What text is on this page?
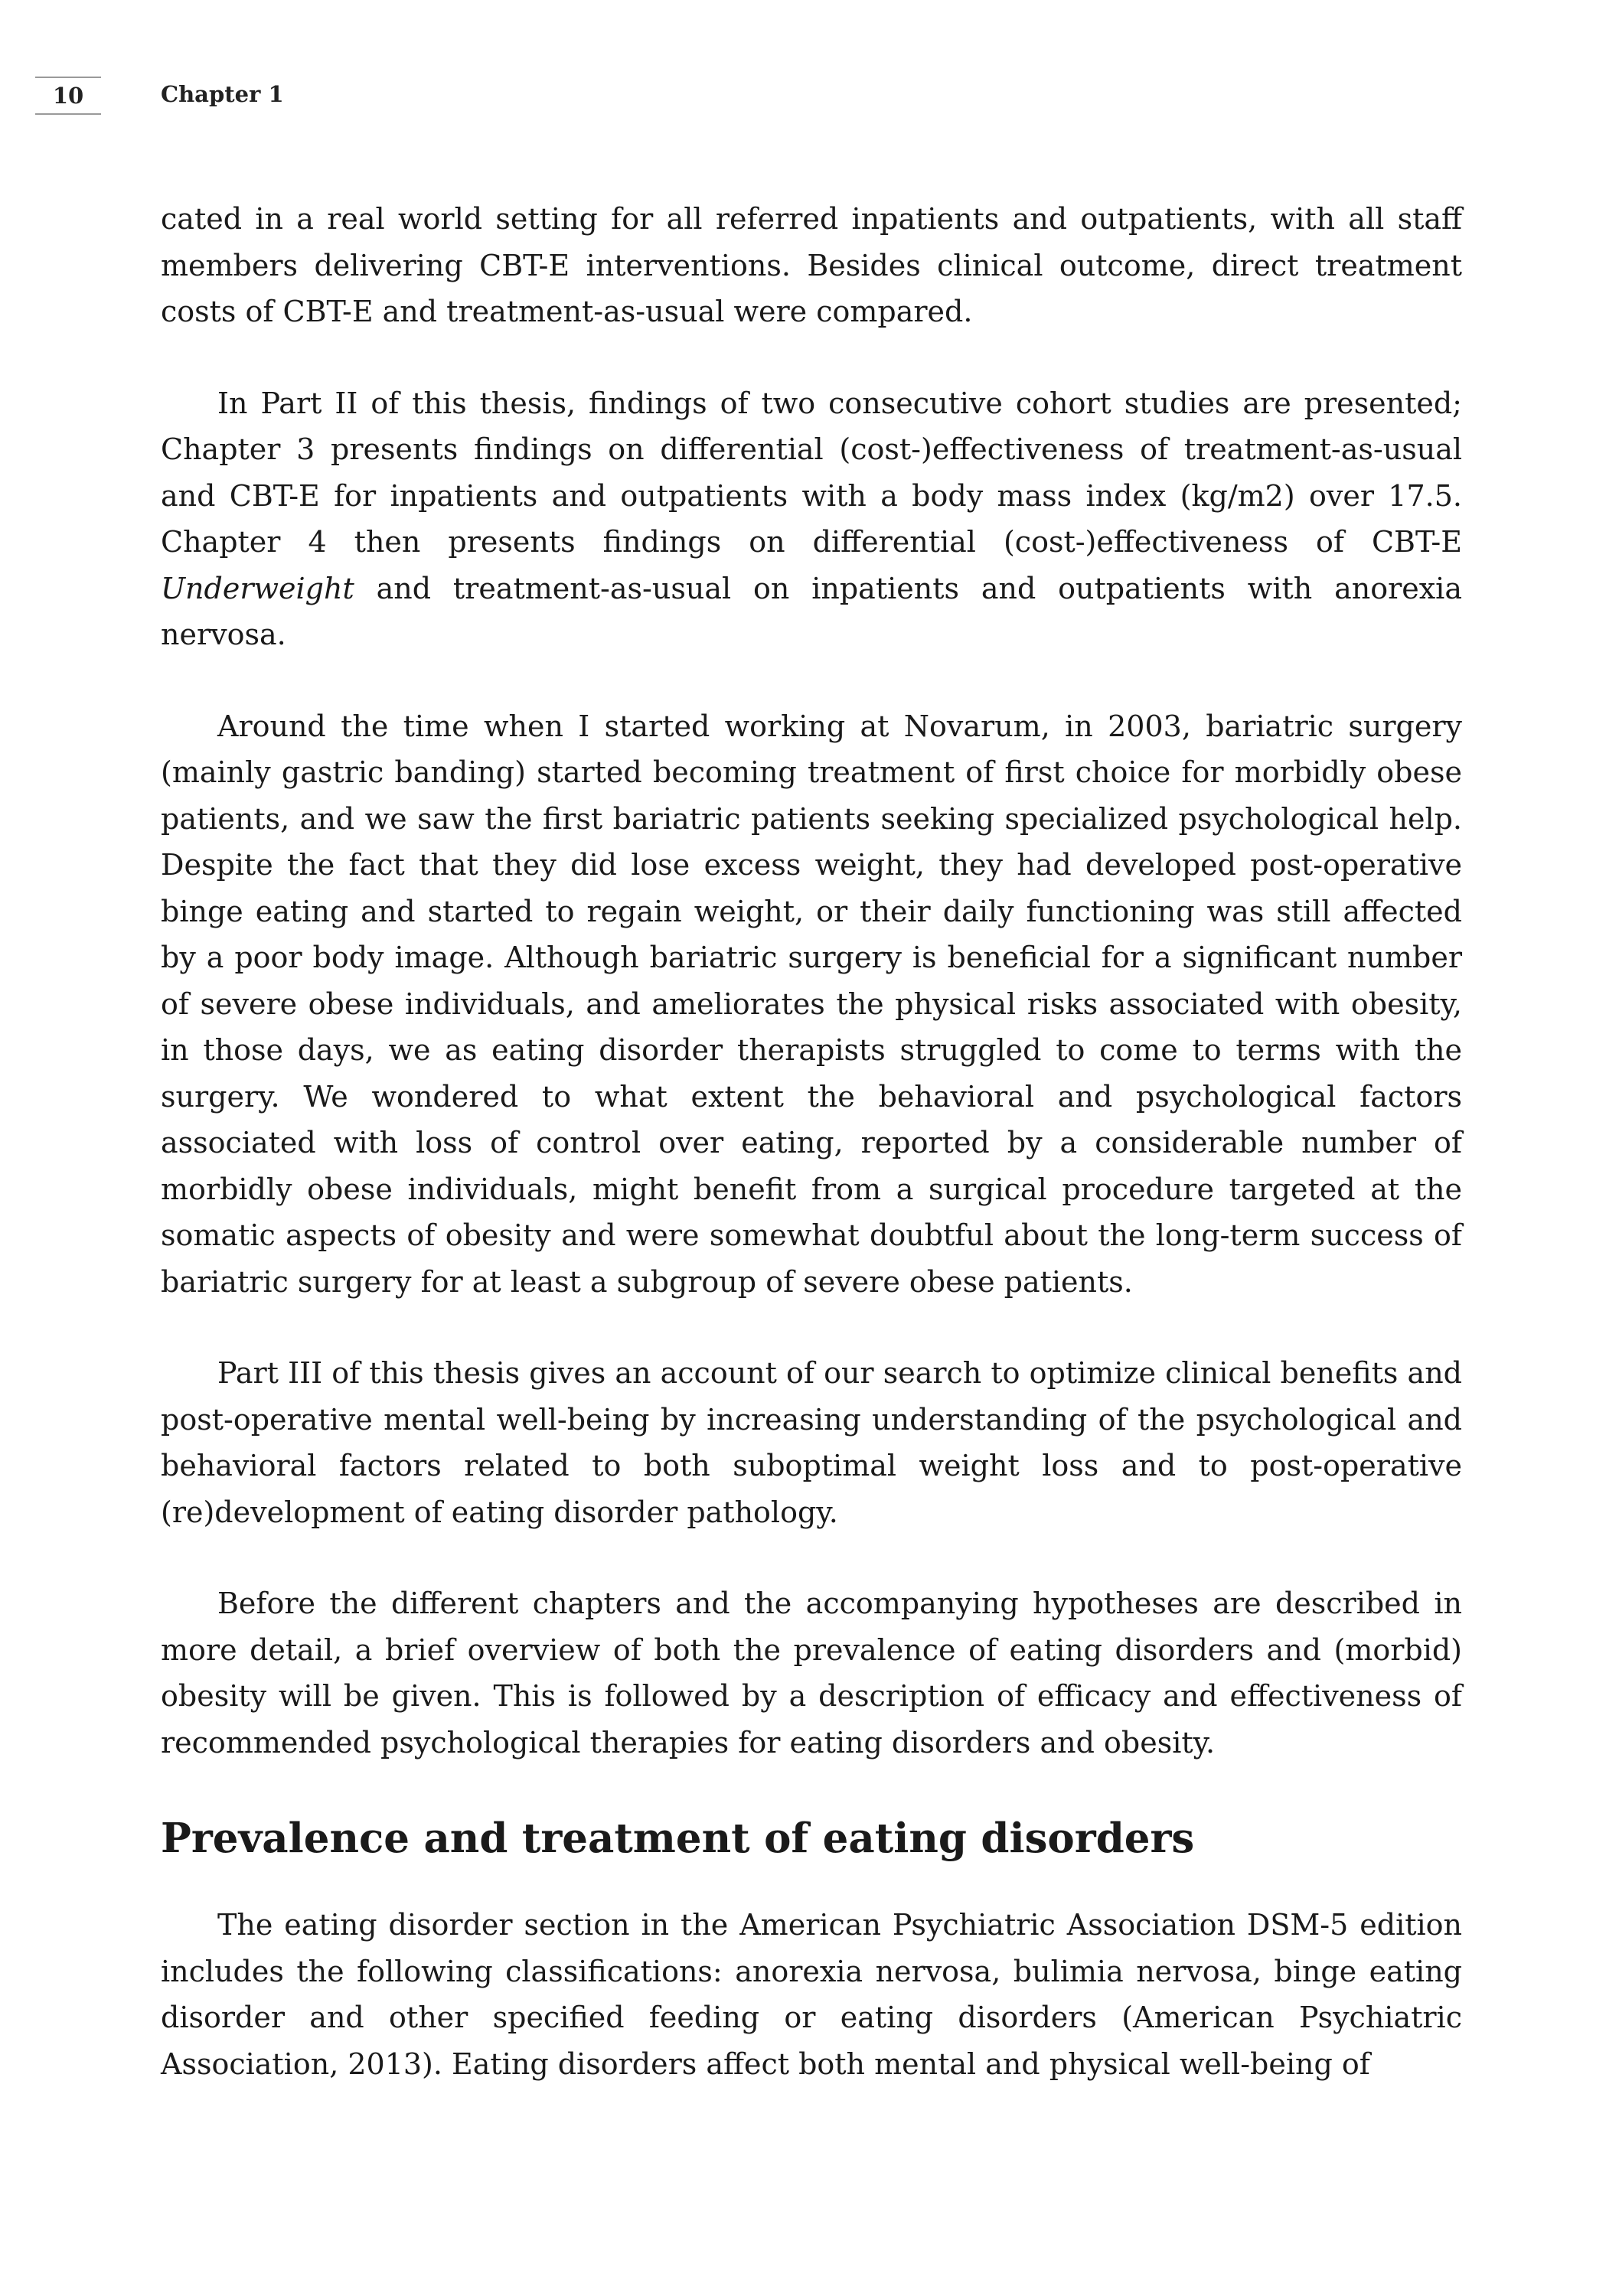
10	Chapter 1

cated in a real world setting for all referred inpatients and outpatients, with all staff members delivering CBT-E interventions. Besides clinical outcome, direct treatment costs of CBT-E and treatment-as-usual were compared.

In Part II of this thesis, findings of two consecutive cohort studies are presented; Chapter 3 presents findings on differential (cost-)effectiveness of treatment-as-usual and CBT-E for inpatients and outpatients with a body mass index (kg/m2) over 17.5. Chapter 4 then presents findings on differential (cost-)effectiveness of CBT-E Underweight and treatment-as-usual on inpatients and outpatients with anorexia nervosa.

Around the time when I started working at Novarum, in 2003, bariatric surgery (mainly gastric banding) started becoming treatment of first choice for morbidly obese patients, and we saw the first bariatric patients seeking specialized psychological help. Despite the fact that they did lose excess weight, they had developed post-operative binge eating and started to regain weight, or their daily functioning was still affected by a poor body image. Although bariatric surgery is beneficial for a significant number of severe obese individuals, and ameliorates the physical risks associated with obesity, in those days, we as eating disorder therapists struggled to come to terms with the surgery. We wondered to what extent the behavioral and psychological factors associated with loss of control over eating, reported by a considerable number of morbidly obese individuals, might benefit from a surgical procedure targeted at the somatic aspects of obesity and were somewhat doubtful about the long-term success of bariatric surgery for at least a subgroup of severe obese patients.

Part III of this thesis gives an account of our search to optimize clinical benefits and post-operative mental well-being by increasing understanding of the psychological and behavioral factors related to both suboptimal weight loss and to post-operative (re)development of eating disorder pathology.

Before the different chapters and the accompanying hypotheses are described in more detail, a brief overview of both the prevalence of eating disorders and (morbid) obesity will be given. This is followed by a description of efficacy and effectiveness of recommended psychological therapies for eating disorders and obesity.

Prevalence and treatment of eating disorders

The eating disorder section in the American Psychiatric Association DSM-5 edition includes the following classifications: anorexia nervosa, bulimia nervosa, binge eating disorder and other specified feeding or eating disorders (American Psychiatric Association, 2013). Eating disorders affect both mental and physical well-being of
